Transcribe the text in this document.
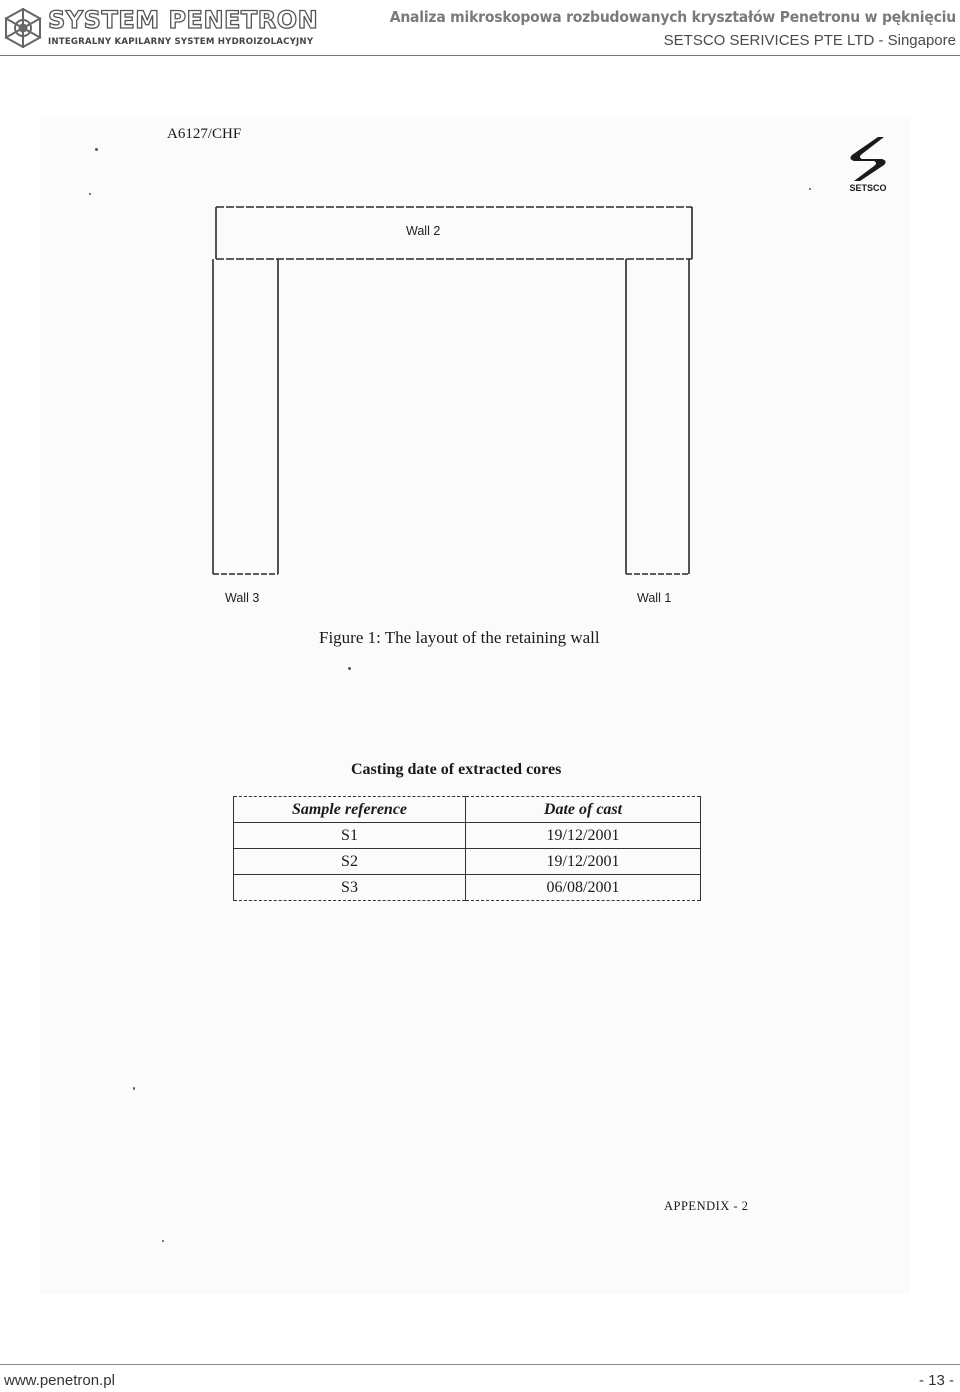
SYSTEM PENETRON
INTEGRALNY KAPILARNY SYSTEM HYDROIZOLACYJNY
Analiza mikroskopowa rozbudowanych kryształów Penetronu w pęknięciu
SETSCO SERIVICES PTE LTD - Singapore
A6127/CHF
SETSCO
Wall 2
Wall 3	Wall 1
Figure 1: The layout of the retaining wall
Casting date of extracted cores
Sample reference	Date of cast
S1	19/12/2001
S2	19/12/2001
S3	06/08/2001
APPENDIX - 2
www.penetron.pl	- 13 -
